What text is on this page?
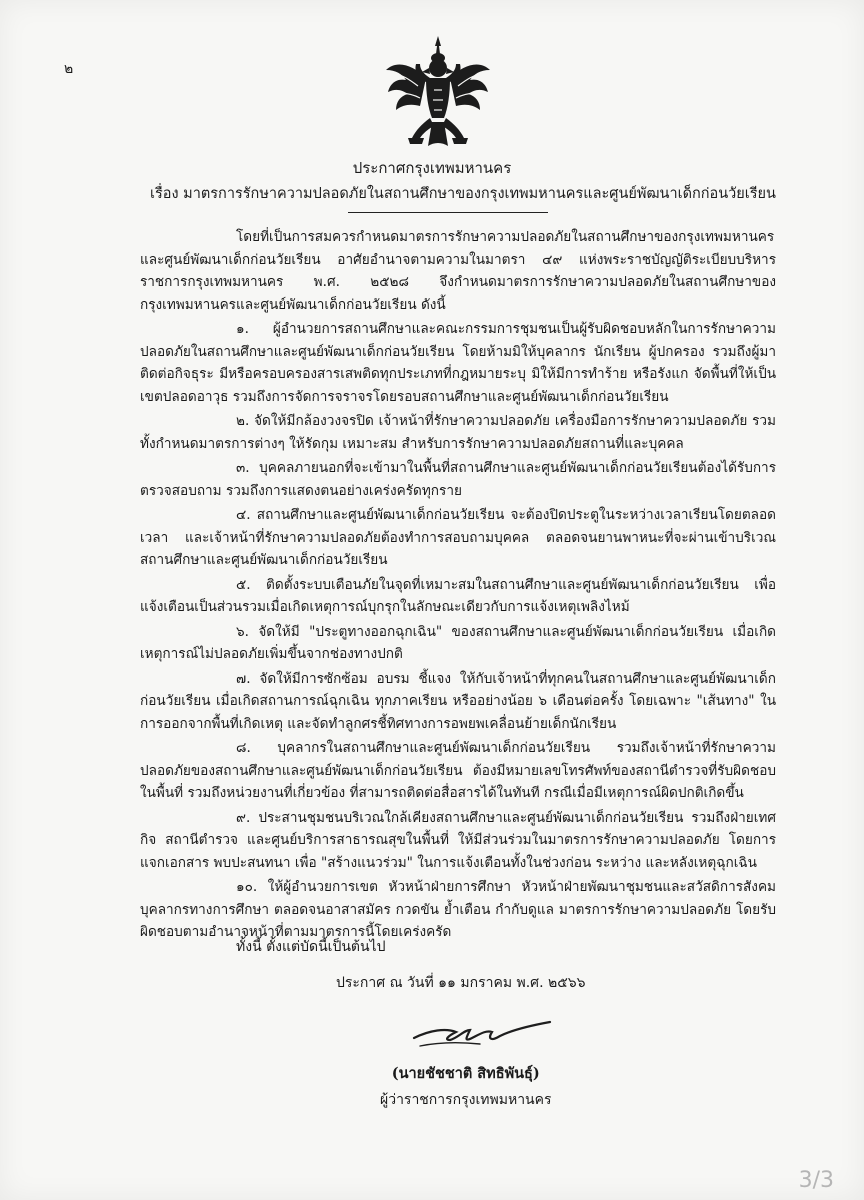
๒
ประกาศกรุงเทพมหานคร
เรื่อง มาตรการรักษาความปลอดภัยในสถานศึกษาของกรุงเทพมหานครและศูนย์พัฒนาเด็กก่อนวัยเรียน

โดยที่เป็นการสมควรกำหนดมาตรการรักษาความปลอดภัยในสถานศึกษาของกรุงเทพมหานครและศูนย์พัฒนาเด็กก่อนวัยเรียน อาศัยอำนาจตามความในมาตรา ๔๙ แห่งพระราชบัญญัติระเบียบบริหารราชการกรุงเทพมหานคร พ.ศ. ๒๕๒๘ จึงกำหนดมาตรการรักษาความปลอดภัยในสถานศึกษาของกรุงเทพมหานครและศูนย์พัฒนาเด็กก่อนวัยเรียน ดังนี้

๑. ผู้อำนวยการสถานศึกษาและคณะกรรมการชุมชนเป็นผู้รับผิดชอบหลักในการรักษาความปลอดภัยในสถานศึกษาและศูนย์พัฒนาเด็กก่อนวัยเรียน โดยห้ามมิให้บุคลากร นักเรียน ผู้ปกครอง รวมถึงผู้มาติดต่อกิจธุระ มีหรือครอบครองสารเสพติดทุกประเภทที่กฎหมายระบุ มิให้มีการทำร้าย หรือรังแก จัดพื้นที่ให้เป็นเขตปลอดอาวุธ รวมถึงการจัดการจราจรโดยรอบสถานศึกษาและศูนย์พัฒนาเด็กก่อนวัยเรียน

๒. จัดให้มีกล้องวงจรปิด เจ้าหน้าที่รักษาความปลอดภัย เครื่องมือการรักษาความปลอดภัย รวมทั้งกำหนดมาตรการต่างๆ ให้รัดกุม เหมาะสม สำหรับการรักษาความปลอดภัยสถานที่และบุคคล

๓. บุคคลภายนอกที่จะเข้ามาในพื้นที่สถานศึกษาและศูนย์พัฒนาเด็กก่อนวัยเรียนต้องได้รับการตรวจสอบถาม รวมถึงการแสดงตนอย่างเคร่งครัดทุกราย

๔. สถานศึกษาและศูนย์พัฒนาเด็กก่อนวัยเรียน จะต้องปิดประตูในระหว่างเวลาเรียนโดยตลอดเวลา และเจ้าหน้าที่รักษาความปลอดภัยต้องทำการสอบถามบุคคล ตลอดจนยานพาหนะที่จะผ่านเข้าบริเวณสถานศึกษาและศูนย์พัฒนาเด็กก่อนวัยเรียน

๕. ติดตั้งระบบเตือนภัยในจุดที่เหมาะสมในสถานศึกษาและศูนย์พัฒนาเด็กก่อนวัยเรียน เพื่อแจ้งเตือนเป็นส่วนรวมเมื่อเกิดเหตุการณ์บุกรุกในลักษณะเดียวกับการแจ้งเหตุเพลิงไหม้

๖. จัดให้มี "ประตูทางออกฉุกเฉิน" ของสถานศึกษาและศูนย์พัฒนาเด็กก่อนวัยเรียน เมื่อเกิดเหตุการณ์ไม่ปลอดภัยเพิ่มขึ้นจากช่องทางปกติ

๗. จัดให้มีการซักซ้อม อบรม ชี้แจง ให้กับเจ้าหน้าที่ทุกคนในสถานศึกษาและศูนย์พัฒนาเด็กก่อนวัยเรียน เมื่อเกิดสถานการณ์ฉุกเฉิน ทุกภาคเรียน หรืออย่างน้อย ๖ เดือนต่อครั้ง โดยเฉพาะ "เส้นทาง" ในการออกจากพื้นที่เกิดเหตุ และจัดทำลูกศรชี้ทิศทางการอพยพเคลื่อนย้ายเด็กนักเรียน

๘. บุคลากรในสถานศึกษาและศูนย์พัฒนาเด็กก่อนวัยเรียน รวมถึงเจ้าหน้าที่รักษาความปลอดภัยของสถานศึกษาและศูนย์พัฒนาเด็กก่อนวัยเรียน ต้องมีหมายเลขโทรศัพท์ของสถานีตำรวจที่รับผิดชอบในพื้นที่ รวมถึงหน่วยงานที่เกี่ยวข้อง ที่สามารถติดต่อสื่อสารได้ในทันที กรณีเมื่อมีเหตุการณ์ผิดปกติเกิดขึ้น

๙. ประสานชุมชนบริเวณใกล้เคียงสถานศึกษาและศูนย์พัฒนาเด็กก่อนวัยเรียน รวมถึงฝ่ายเทศกิจ สถานีตำรวจ และศูนย์บริการสาธารณสุขในพื้นที่ ให้มีส่วนร่วมในมาตรการรักษาความปลอดภัย โดยการแจกเอกสาร พบปะสนทนา เพื่อ "สร้างแนวร่วม" ในการแจ้งเตือนทั้งในช่วงก่อน ระหว่าง และหลังเหตุฉุกเฉิน

๑๐. ให้ผู้อำนวยการเขต หัวหน้าฝ่ายการศึกษา หัวหน้าฝ่ายพัฒนาชุมชนและสวัสดิการสังคม บุคลากรทางการศึกษา ตลอดจนอาสาสมัคร กวดขัน ย้ำเตือน กำกับดูแล มาตรการรักษาความปลอดภัย โดยรับผิดชอบตามอำนาจหน้าที่ตามมาตรการนี้โดยเคร่งครัด

ทั้งนี้ ตั้งแต่บัดนี้เป็นต้นไป
ประกาศ ณ วันที่ ๑๑ มกราคม พ.ศ. ๒๕๖๖
(นายชัชชาติ สิทธิพันธุ์)
ผู้ว่าราชการกรุงเทพมหานคร
3/3
